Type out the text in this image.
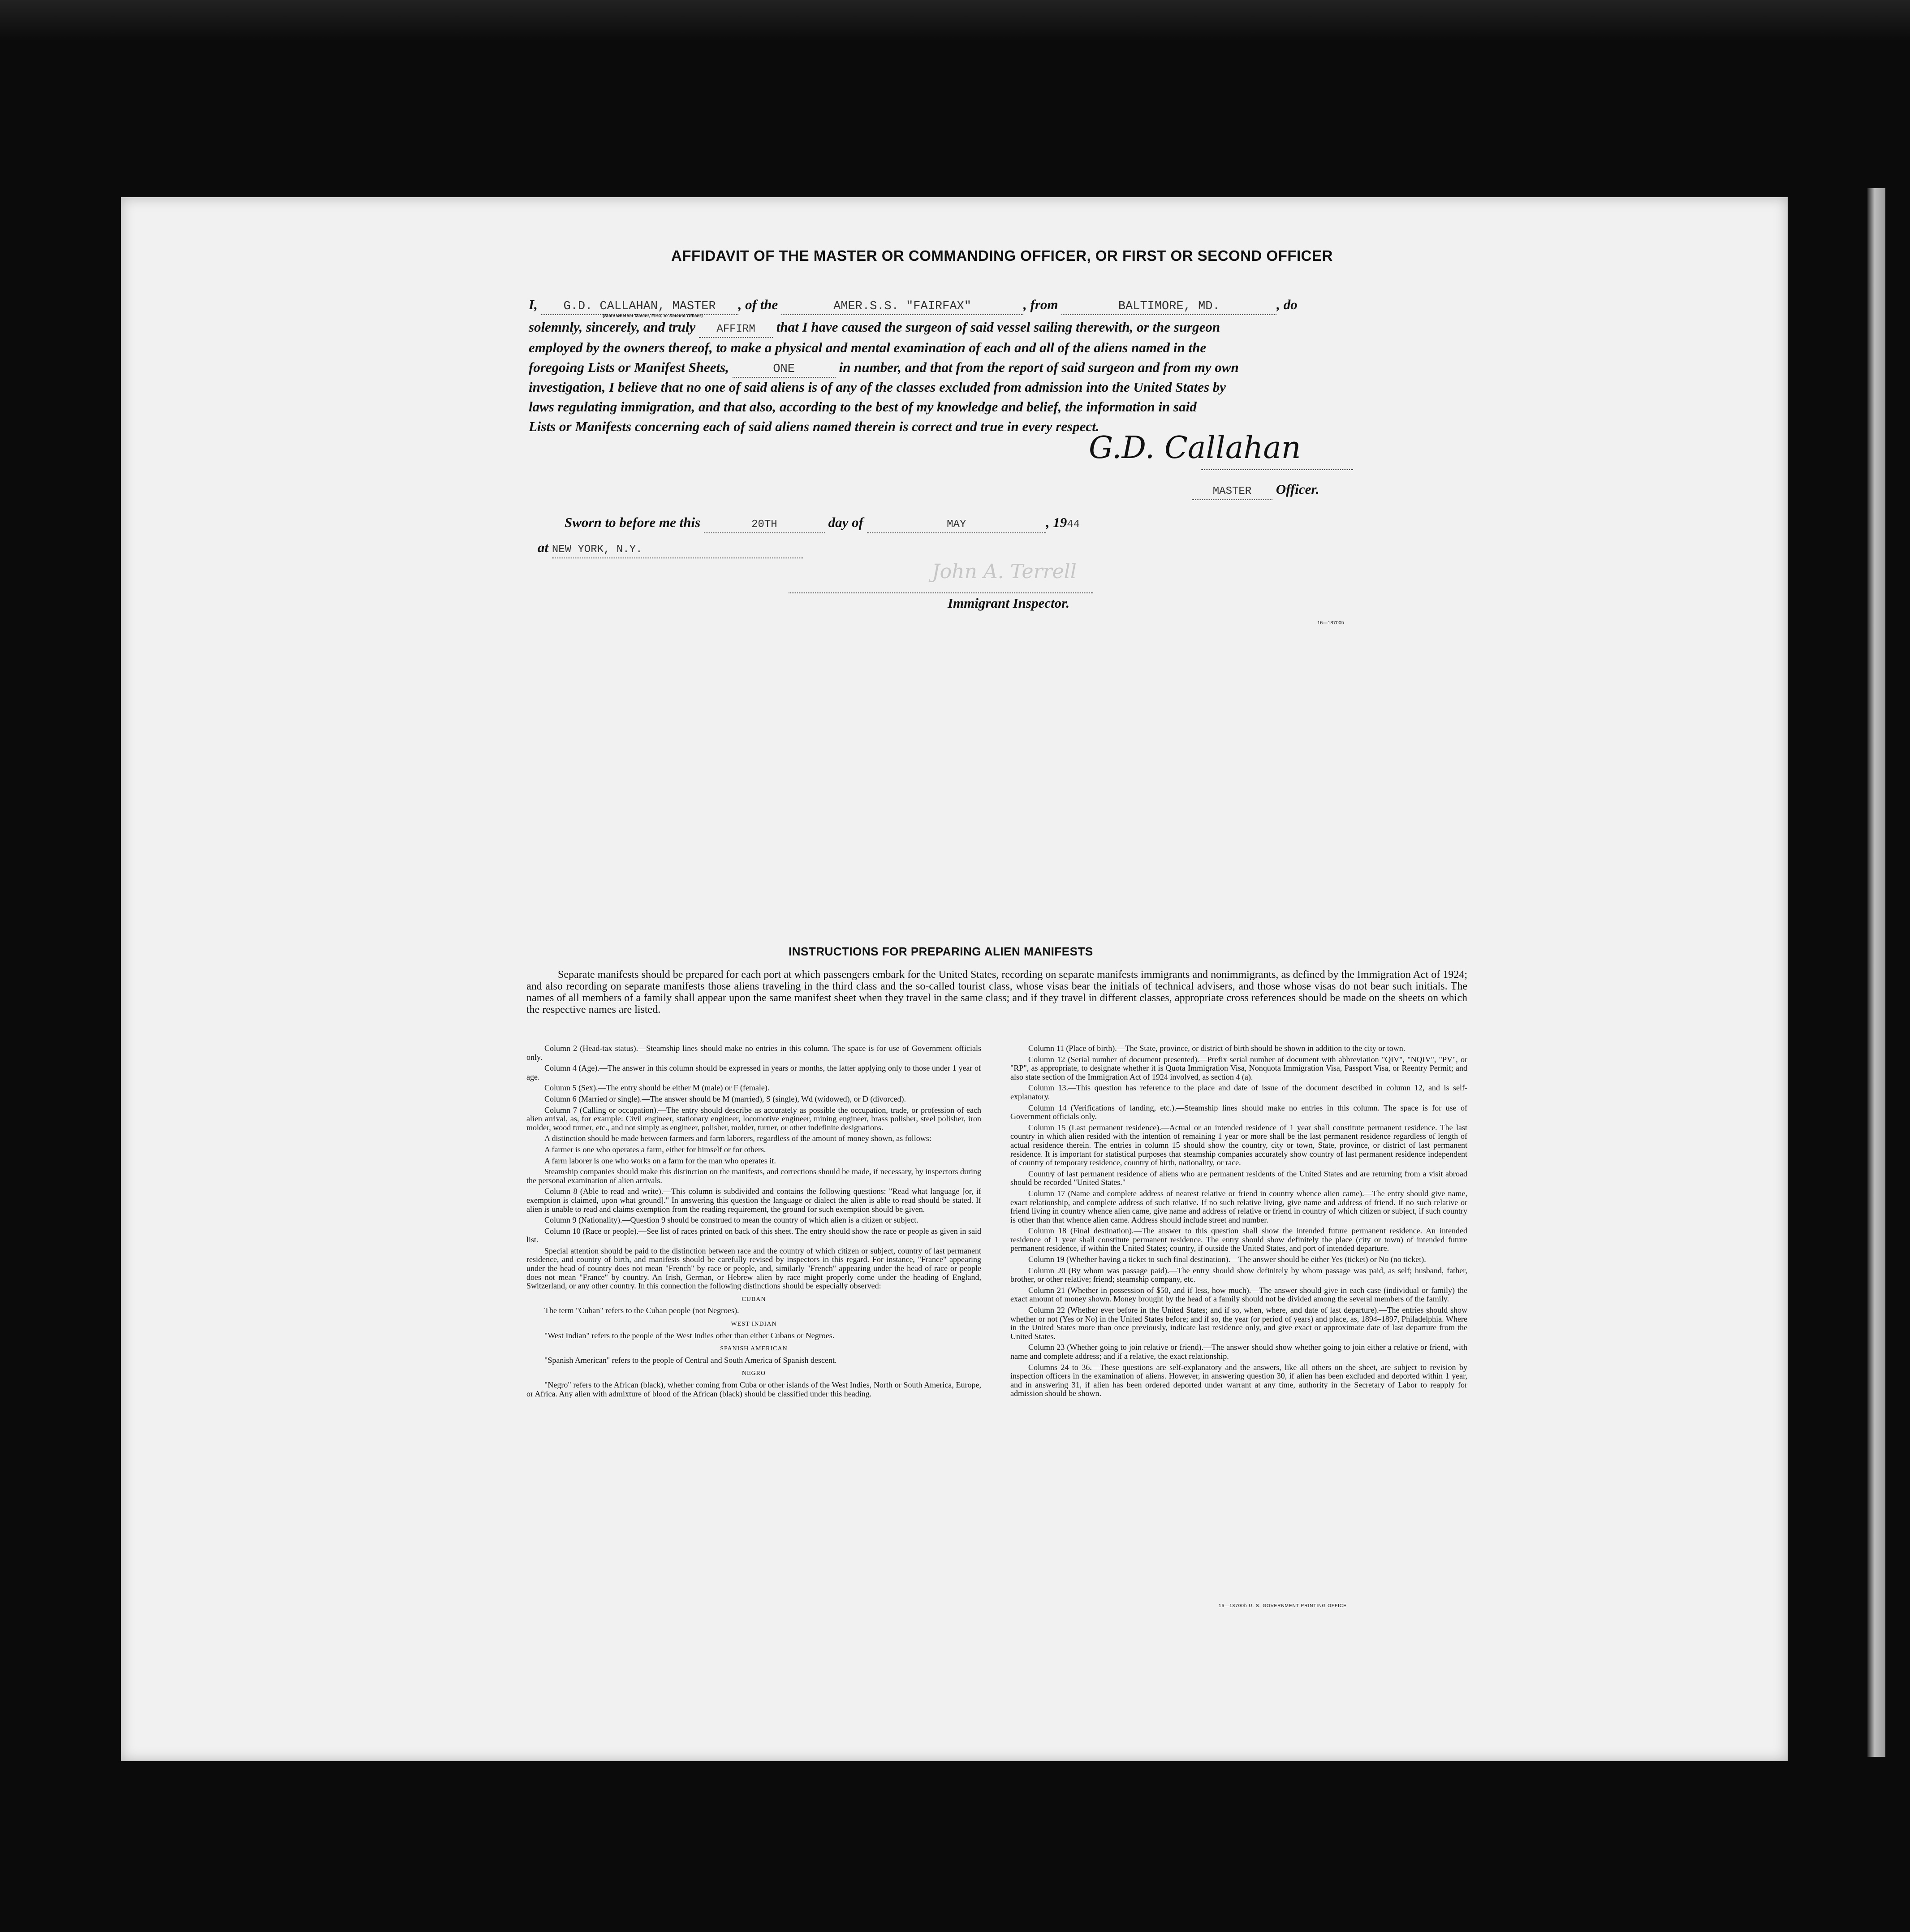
AFFIDAVIT OF THE MASTER OR COMMANDING OFFICER, OR FIRST OR SECOND OFFICER
I, G.D. CALLAHAN, MASTER , of the	AMER.S.S. "FAIRFAX"	, from	BALTIMORE, MD.	, do
(State whether Master, First, or Second Officer)
solemnly, sincerely, and truly AFFIRM that I have caused the surgeon of said vessel sailing therewith, or the surgeon
employed by the owners thereof, to make a physical and mental examination of each and all of the aliens named in the
foregoing Lists or Manifest Sheets,	ONE	in number, and that from the report of said surgeon and from my own
investigation, I believe that no one of said aliens is of any of the classes excluded from admission into the United States by
laws regulating immigration, and that also, according to the best of my knowledge and belief, the information in said
Lists or Manifests concerning each of said aliens named therein is correct and true in every respect.
G.D. Callahan
MASTER Officer.
Sworn to before me this	20TH	day of	MAY	, 1944
at NEW YORK, N.Y.
John A. Terrell
Immigrant Inspector.
16—18700b
INSTRUCTIONS FOR PREPARING ALIEN MANIFESTS
Separate manifests should be prepared for each port at which passengers embark for the United States, recording on separate manifests immigrants and nonimmigrants, as defined by the Immigration Act of 1924; and also recording on separate manifests those aliens traveling in the third class and the so-called tourist class, whose visas bear the initials of technical advisers, and those whose visas do not bear such initials. The names of all members of a family shall appear upon the same manifest sheet when they travel in the same class; and if they travel in different classes, appropriate cross references should be made on the sheets on which the respective names are listed.

Column 2 (Head-tax status).—Steamship lines should make no entries in this column. The space is for use of Government officials only.

Column 4 (Age).—The answer in this column should be expressed in years or months, the latter applying only to those under 1 year of age.

Column 5 (Sex).—The entry should be either M (male) or F (female).

Column 6 (Married or single).—The answer should be M (married), S (single), Wd (widowed), or D (divorced).

Column 7 (Calling or occupation).—The entry should describe as accurately as possible the occupation, trade, or profession of each alien arrival, as, for example: Civil engineer, stationary engineer, locomotive engineer, mining engineer, brass polisher, steel polisher, iron molder, wood turner, etc., and not simply as engineer, polisher, molder, turner, or other indefinite designations.

A distinction should be made between farmers and farm laborers, regardless of the amount of money shown, as follows:

A farmer is one who operates a farm, either for himself or for others.

A farm laborer is one who works on a farm for the man who operates it.

Steamship companies should make this distinction on the manifests, and corrections should be made, if necessary, by inspectors during the personal examination of alien arrivals.

Column 8 (Able to read and write).—This column is subdivided and contains the following questions: "Read what language [or, if exemption is claimed, upon what ground]." In answering this question the language or dialect the alien is able to read should be stated. If alien is unable to read and claims exemption from the reading requirement, the ground for such exemption should be given.

Column 9 (Nationality).—Question 9 should be construed to mean the country of which alien is a citizen or subject.

Column 10 (Race or people).—See list of races printed on back of this sheet. The entry should show the race or people as given in said list.

Special attention should be paid to the distinction between race and the country of which citizen or subject, country of last permanent residence, and country of birth, and manifests should be carefully revised by inspectors in this regard. For instance, "France" appearing under the head of country does not mean "French" by race or people, and, similarly "French" appearing under the head of race or people does not mean "France" by country. An Irish, German, or Hebrew alien by race might properly come under the heading of England, Switzerland, or any other country. In this connection the following distinctions should be especially observed:

CUBAN

The term "Cuban" refers to the Cuban people (not Negroes).

WEST INDIAN

"West Indian" refers to the people of the West Indies other than either Cubans or Negroes.

SPANISH AMERICAN

"Spanish American" refers to the people of Central and South America of Spanish descent.

NEGRO

"Negro" refers to the African (black), whether coming from Cuba or other islands of the West Indies, North or South America, Europe, or Africa. Any alien with admixture of blood of the African (black) should be classified under this heading.

Column 11 (Place of birth).—The State, province, or district of birth should be shown in addition to the city or town.

Column 12 (Serial number of document presented).—Prefix serial number of document with abbreviation "QIV", "NQIV", "PV", or "RP", as appropriate, to designate whether it is Quota Immigration Visa, Nonquota Immigration Visa, Passport Visa, or Reentry Permit; and also state section of the Immigration Act of 1924 involved, as section 4 (a).

Column 13.—This question has reference to the place and date of issue of the document described in column 12, and is self-explanatory.

Column 14 (Verifications of landing, etc.).—Steamship lines should make no entries in this column. The space is for use of Government officials only.

Column 15 (Last permanent residence).—Actual or an intended residence of 1 year shall constitute permanent residence. The last country in which alien resided with the intention of remaining 1 year or more shall be the last permanent residence regardless of length of actual residence therein. The entries in column 15 should show the country, city or town, State, province, or district of last permanent residence. It is important for statistical purposes that steamship companies accurately show country of last permanent residence independent of country of temporary residence, country of birth, nationality, or race.

Country of last permanent residence of aliens who are permanent residents of the United States and are returning from a visit abroad should be recorded "United States."

Column 17 (Name and complete address of nearest relative or friend in country whence alien came).—The entry should give name, exact relationship, and complete address of such relative. If no such relative living, give name and address of friend. If no such relative or friend living in country whence alien came, give name and address of relative or friend in country of which citizen or subject, if such country is other than that whence alien came. Address should include street and number.

Column 18 (Final destination).—The answer to this question shall show the intended future permanent residence. An intended residence of 1 year shall constitute permanent residence. The entry should show definitely the place (city or town) of intended future permanent residence, if within the United States; country, if outside the United States, and port of intended departure.

Column 19 (Whether having a ticket to such final destination).—The answer should be either Yes (ticket) or No (no ticket).

Column 20 (By whom was passage paid).—The entry should show definitely by whom passage was paid, as self; husband, father, brother, or other relative; friend; steamship company, etc.

Column 21 (Whether in possession of $50, and if less, how much).—The answer should give in each case (individual or family) the exact amount of money shown. Money brought by the head of a family should not be divided among the several members of the family.

Column 22 (Whether ever before in the United States; and if so, when, where, and date of last departure).—The entries should show whether or not (Yes or No) in the United States before; and if so, the year (or period of years) and place, as, 1894–1897, Philadelphia. Where in the United States more than once previously, indicate last residence only, and give exact or approximate date of last departure from the United States.

Column 23 (Whether going to join relative or friend).—The answer should show whether going to join either a relative or friend, with name and complete address; and if a relative, the exact relationship.

Columns 24 to 36.—These questions are self-explanatory and the answers, like all others on the sheet, are subject to revision by inspection officers in the examination of aliens. However, in answering question 30, if alien has been excluded and deported within 1 year, and in answering 31, if alien has been ordered deported under warrant at any time, authority in the Secretary of Labor to reapply for admission should be shown.

16—18700b U. S. GOVERNMENT PRINTING OFFICE
